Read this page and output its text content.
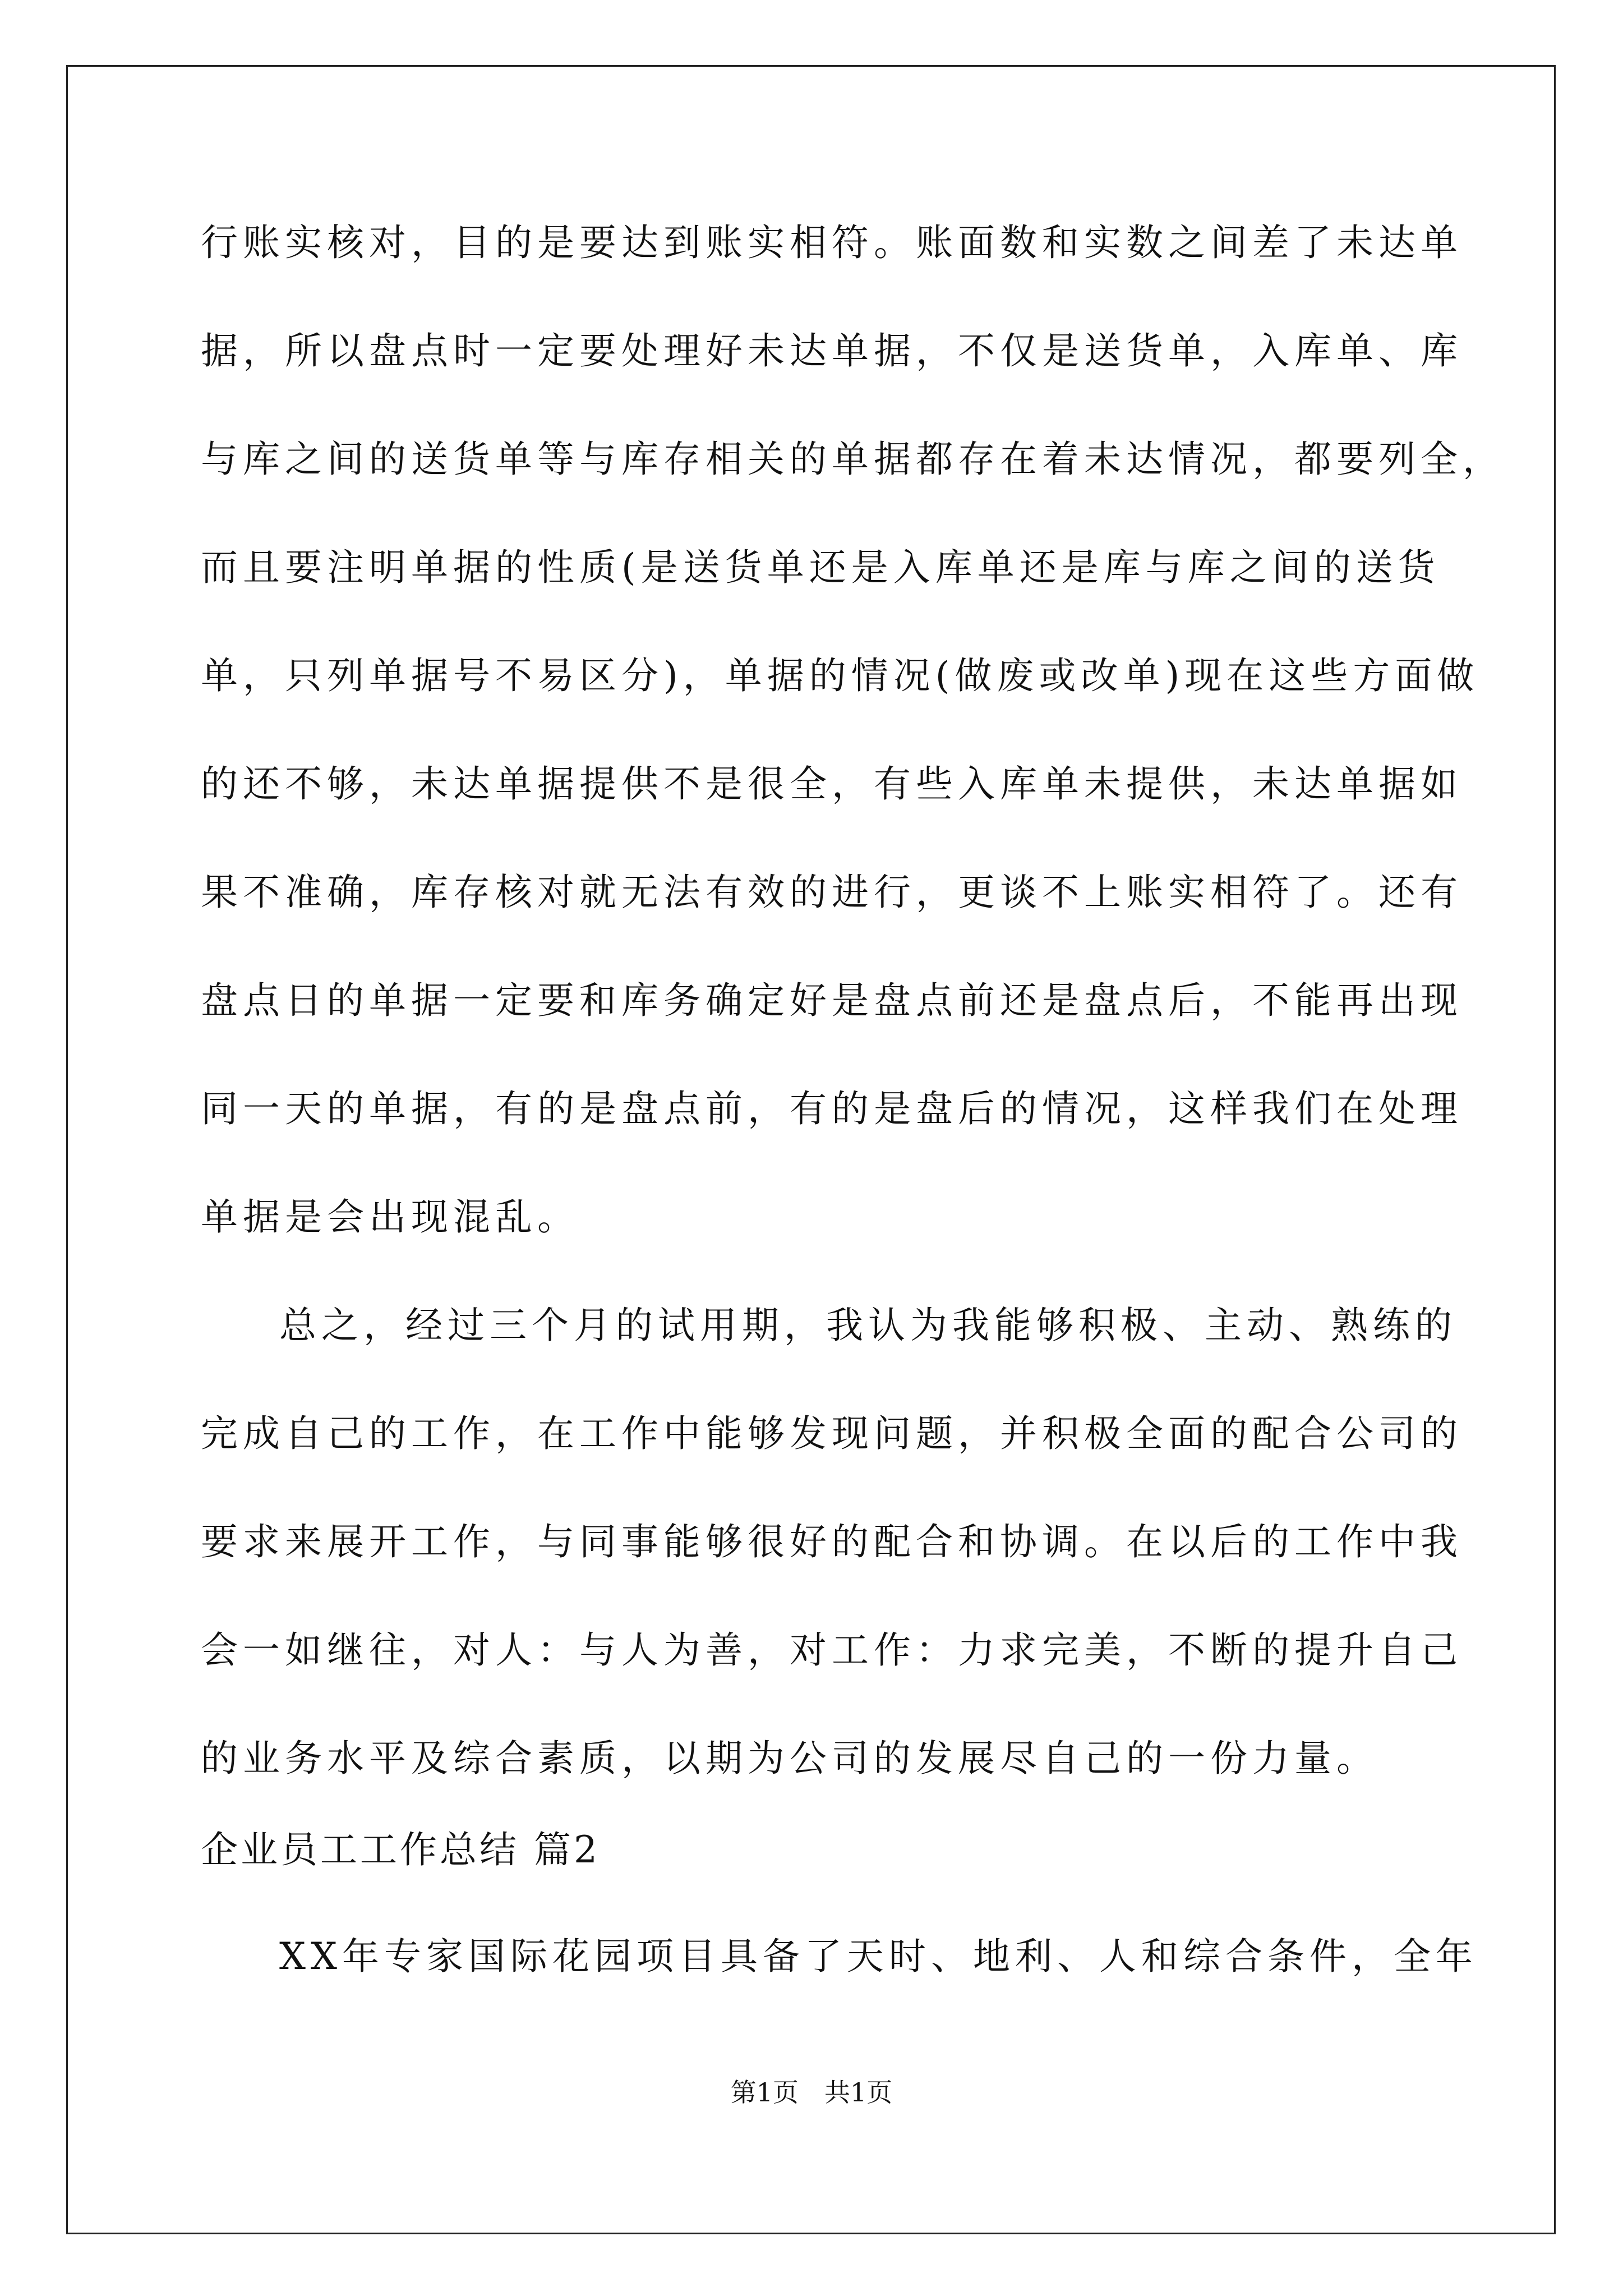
行账实核对，目的是要达到账实相符。账面数和实数之间差了未达单
据，所以盘点时一定要处理好未达单据，不仅是送货单，入库单、库
与库之间的送货单等与库存相关的单据都存在着未达情况，都要列全，
而且要注明单据的性质(是送货单还是入库单还是库与库之间的送货
单，只列单据号不易区分)，单据的情况(做废或改单)现在这些方面做
的还不够，未达单据提供不是很全，有些入库单未提供，未达单据如
果不准确，库存核对就无法有效的进行，更谈不上账实相符了。还有
盘点日的单据一定要和库务确定好是盘点前还是盘点后，不能再出现
同一天的单据，有的是盘点前，有的是盘后的情况，这样我们在处理
单据是会出现混乱。
总之，经过三个月的试用期，我认为我能够积极、主动、熟练的
完成自己的工作，在工作中能够发现问题，并积极全面的配合公司的
要求来展开工作，与同事能够很好的配合和协调。在以后的工作中我
会一如继往，对人：与人为善，对工作：力求完美，不断的提升自己
的业务水平及综合素质，以期为公司的发展尽自己的一份力量。
企业员工工作总结 篇2
XX年专家国际花园项目具备了天时、地利、人和综合条件，全年
第1页 共1页
